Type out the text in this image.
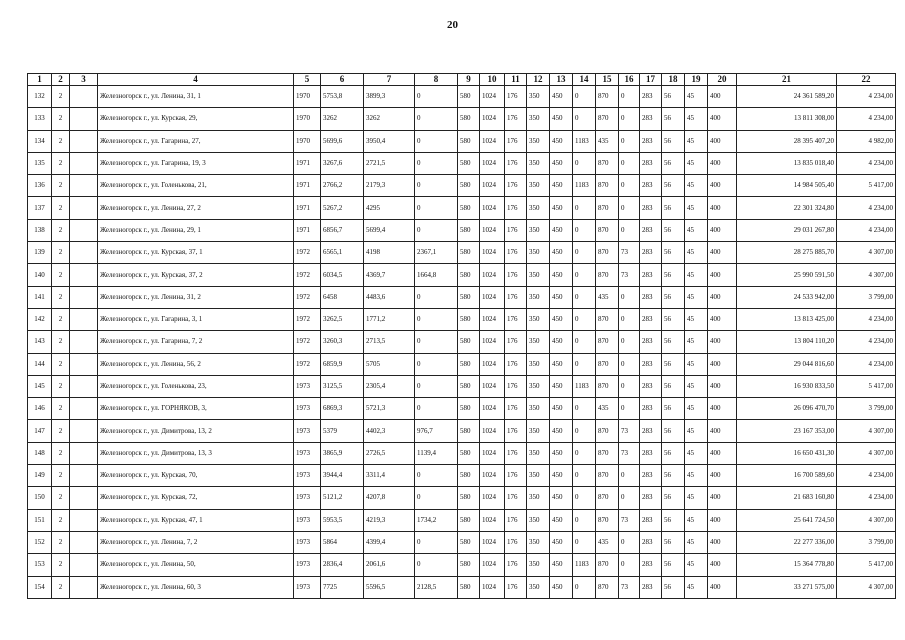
20
1	2	3	4	5	6	7	8	9	10	11	12	13	14	15	16	17	18	19	20	21	22
132	2		Железногорск г., ул. Ленина, 31, 1	1970	5753,8	3899,3	0	580	1024	176	350	450	0	870	0	283	56	45	400	24 361 589,20	4 234,00
133	2		Железногорск г., ул. Курская, 29,	1970	3262	3262	0	580	1024	176	350	450	0	870	0	283	56	45	400	13 811 308,00	4 234,00
134	2		Железногорск г., ул. Гагарина, 27,	1970	5699,6	3950,4	0	580	1024	176	350	450	1183	435	0	283	56	45	400	28 395 407,20	4 982,00
135	2		Железногорск г., ул. Гагарина, 19, 3	1971	3267,6	2721,5	0	580	1024	176	350	450	0	870	0	283	56	45	400	13 835 018,40	4 234,00
136	2		Железногорск г., ул. Голенькова, 21,	1971	2766,2	2179,3	0	580	1024	176	350	450	1183	870	0	283	56	45	400	14 984 505,40	5 417,00
137	2		Железногорск г., ул. Ленина, 27, 2	1971	5267,2	4295	0	580	1024	176	350	450	0	870	0	283	56	45	400	22 301 324,80	4 234,00
138	2		Железногорск г., ул. Ленина, 29, 1	1971	6856,7	5699,4	0	580	1024	176	350	450	0	870	0	283	56	45	400	29 031 267,80	4 234,00
139	2		Железногорск г., ул. Курская, 37, 1	1972	6565,1	4198	2367,1	580	1024	176	350	450	0	870	73	283	56	45	400	28 275 885,70	4 307,00
140	2		Железногорск г., ул. Курская, 37, 2	1972	6034,5	4369,7	1664,8	580	1024	176	350	450	0	870	73	283	56	45	400	25 990 591,50	4 307,00
141	2		Железногорск г., ул. Ленина, 31, 2	1972	6458	4483,6	0	580	1024	176	350	450	0	435	0	283	56	45	400	24 533 942,00	3 799,00
142	2		Железногорск г., ул. Гагарина, 3, 1	1972	3262,5	1771,2	0	580	1024	176	350	450	0	870	0	283	56	45	400	13 813 425,00	4 234,00
143	2		Железногорск г., ул. Гагарина, 7, 2	1972	3260,3	2713,5	0	580	1024	176	350	450	0	870	0	283	56	45	400	13 804 110,20	4 234,00
144	2		Железногорск г., ул. Ленина, 56, 2	1972	6859,9	5705	0	580	1024	176	350	450	0	870	0	283	56	45	400	29 044 816,60	4 234,00
145	2		Железногорск г., ул. Голенькова, 23,	1973	3125,5	2305,4	0	580	1024	176	350	450	1183	870	0	283	56	45	400	16 930 833,50	5 417,00
146	2		Железногорск г., ул. ГОРНЯКОВ, 3,	1973	6869,3	5721,3	0	580	1024	176	350	450	0	435	0	283	56	45	400	26 096 470,70	3 799,00
147	2		Железногорск г., ул. Димитрова, 13, 2	1973	5379	4402,3	976,7	580	1024	176	350	450	0	870	73	283	56	45	400	23 167 353,00	4 307,00
148	2		Железногорск г., ул. Димитрова, 13, 3	1973	3865,9	2726,5	1139,4	580	1024	176	350	450	0	870	73	283	56	45	400	16 650 431,30	4 307,00
149	2		Железногорск г., ул. Курская, 70,	1973	3944,4	3311,4	0	580	1024	176	350	450	0	870	0	283	56	45	400	16 700 589,60	4 234,00
150	2		Железногорск г., ул. Курская, 72,	1973	5121,2	4207,8	0	580	1024	176	350	450	0	870	0	283	56	45	400	21 683 160,80	4 234,00
151	2		Железногорск г., ул. Курская, 47, 1	1973	5953,5	4219,3	1734,2	580	1024	176	350	450	0	870	73	283	56	45	400	25 641 724,50	4 307,00
152	2		Железногорск г., ул. Ленина, 7, 2	1973	5864	4399,4	0	580	1024	176	350	450	0	435	0	283	56	45	400	22 277 336,00	3 799,00
153	2		Железногорск г., ул. Ленина, 50,	1973	2836,4	2061,6	0	580	1024	176	350	450	1183	870	0	283	56	45	400	15 364 778,80	5 417,00
154	2		Железногорск г., ул. Ленина, 60, 3	1973	7725	5596,5	2128,5	580	1024	176	350	450	0	870	73	283	56	45	400	33 271 575,00	4 307,00
